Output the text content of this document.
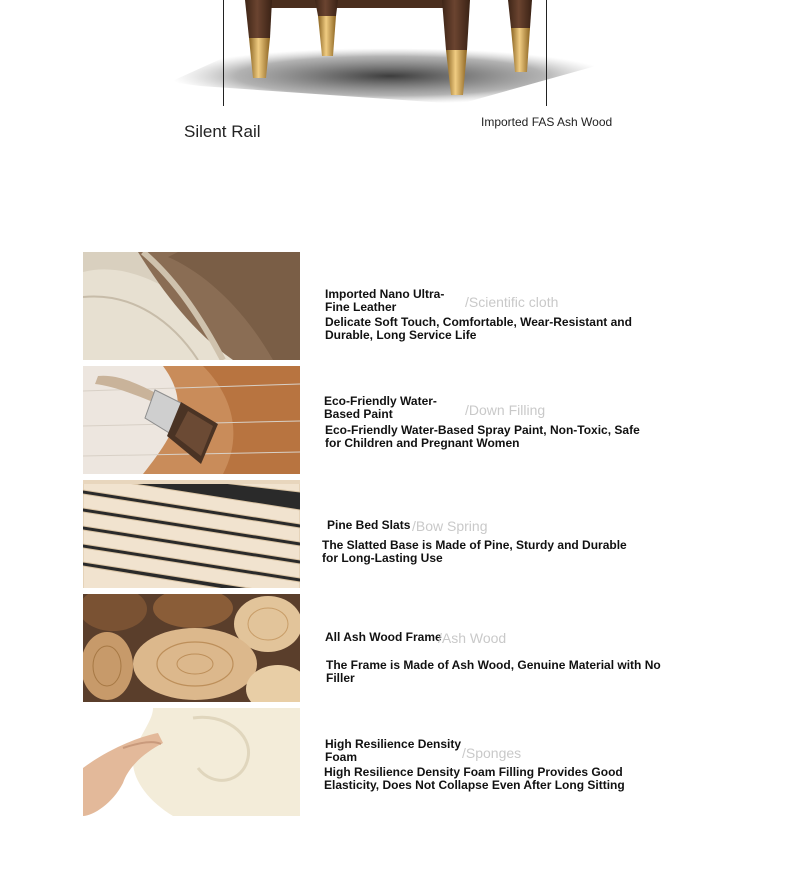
Silent Rail	Imported FAS Ash Wood
Imported Nano Ultra-Fine Leather	/Scientific cloth
Delicate Soft Touch, Comfortable, Wear-Resistant and Durable, Long Service Life
Eco-Friendly Water-Based Paint	/Down Filling
Eco-Friendly Water-Based Spray Paint, Non-Toxic, Safe for Children and Pregnant Women
Pine Bed Slats /Bow Spring
The Slatted Base is Made of Pine, Sturdy and Durable for Long-Lasting Use
All Ash Wood Frame
/Ash Wood
The Frame is Made of Ash Wood, Genuine Material with No Filler
High Resilience Density Foam	/Sponges
High Resilience Density Foam Filling Provides Good Elasticity, Does Not Collapse Even After Long Sitting
